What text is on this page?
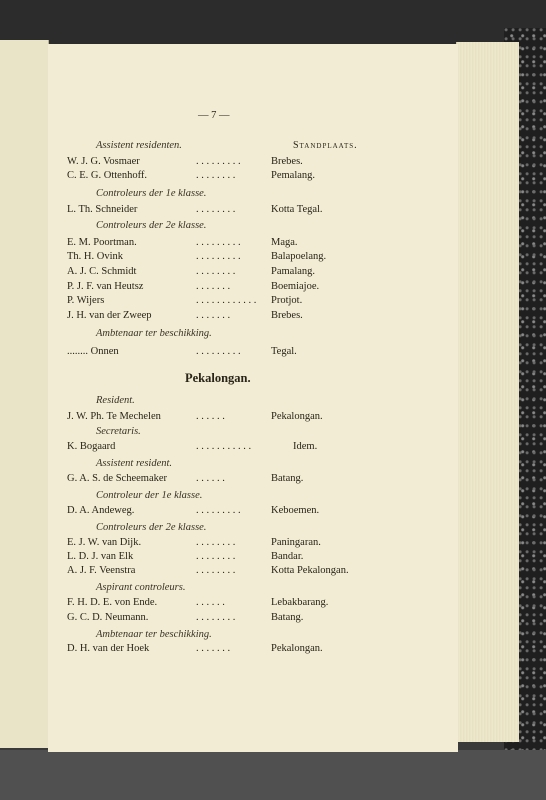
— 7 —
Assistent residenten.	Standplaats.
W. J. G. Vosmaer	. . . . . . . . .	Brebes.
C. E. G. Ottenhoff.	. . . . . . . .	Pemalang.
Controleurs der 1e klasse.
L. Th. Schneider	. . . . . . . .	Kotta Tegal.
Controleurs der 2e klasse.
E. M. Poortman.	. . . . . . . . .	Maga.
Th. H. Ovink	. . . . . . . . .	Balapoelang.
A. J. C. Schmidt	. . . . . . . .	Pamalang.
P. J. F. van Heutsz	. . . . . . .	Boemiajoe.
P. Wijers	. . . . . . . . . . . . Protjot.
J. H. van der Zweep	. . . . . . .	Brebes.
Ambtenaar ter beschikking.
........ Onnen	. . . . . . . . .	Tegal.
Pekalongan.
Resident.
J. W. Ph. Te Mechelen	. . . . . .	Pekalongan.
Secretaris.
K. Bogaard	. . . . . . . . . . .	Idem.
Assistent resident.
G. A. S. de Scheemaker	. . . . . .	Batang.
Controleur der 1e klasse.
D. A. Andeweg.	. . . . . . . . .	Keboemen.
Controleurs der 2e klasse.
E. J. W. van Dijk.	. . . . . . . .	Paningaran.
L. D. J. van Elk	. . . . . . . .	Bandar.
A. J. F. Veenstra	. . . . . . . .	Kotta Pekalongan.
Aspirant controleurs.
F. H. D. E. von Ende.	. . . . . .	Lebakbarang.
G. C. D. Neumann.	. . . . . . . .	Batang.
Ambtenaar ter beschikking.
D. H. van der Hoek	. . . . . . .	Pekalongan.
